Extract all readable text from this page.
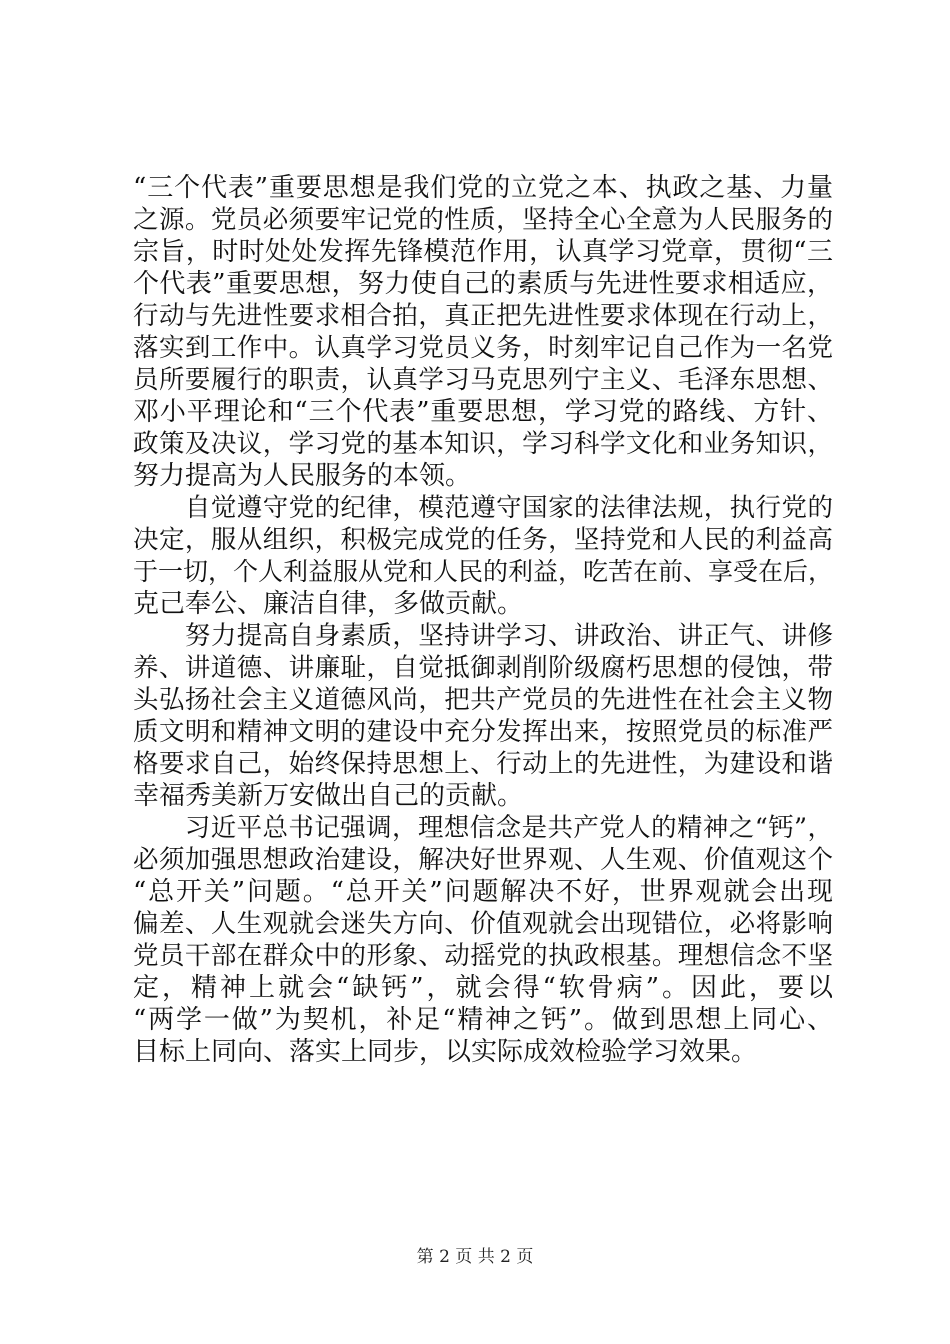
“三个代表”重要思想是我们党的立党之本、执政之基、力量
之源。党员必须要牢记党的性质，坚持全心全意为人民服务的
宗旨，时时处处发挥先锋模范作用，认真学习党章，贯彻“三
个代表”重要思想，努力使自己的素质与先进性要求相适应，
行动与先进性要求相合拍，真正把先进性要求体现在行动上，
落实到工作中。认真学习党员义务，时刻牢记自己作为一名党
员所要履行的职责，认真学习马克思列宁主义、毛泽东思想、
邓小平理论和“三个代表”重要思想，学习党的路线、方针、
政策及决议，学习党的基本知识，学习科学文化和业务知识，
努力提高为人民服务的本领。
　　自觉遵守党的纪律，模范遵守国家的法律法规，执行党的
决定，服从组织，积极完成党的任务，坚持党和人民的利益高
于一切，个人利益服从党和人民的利益，吃苦在前、享受在后，
克己奉公、廉洁自律，多做贡献。
　　努力提高自身素质，坚持讲学习、讲政治、讲正气、讲修
养、讲道德、讲廉耻，自觉抵御剥削阶级腐朽思想的侵蚀，带
头弘扬社会主义道德风尚，把共产党员的先进性在社会主义物
质文明和精神文明的建设中充分发挥出来，按照党员的标准严
格要求自己，始终保持思想上、行动上的先进性，为建设和谐
幸福秀美新万安做出自己的贡献。
　　习近平总书记强调，理想信念是共产党人的精神之“钙”，
必须加强思想政治建设，解决好世界观、人生观、价值观这个
“总开关”问题。“总开关”问题解决不好，世界观就会出现
偏差、人生观就会迷失方向、价值观就会出现错位，必将影响
党员干部在群众中的形象、动摇党的执政根基。理想信念不坚
定，精神上就会“缺钙”，就会得“软骨病”。因此，要以
“两学一做”为契机，补足“精神之钙”。做到思想上同心、
目标上同向、落实上同步，以实际成效检验学习效果。
第 2 页 共 2 页
